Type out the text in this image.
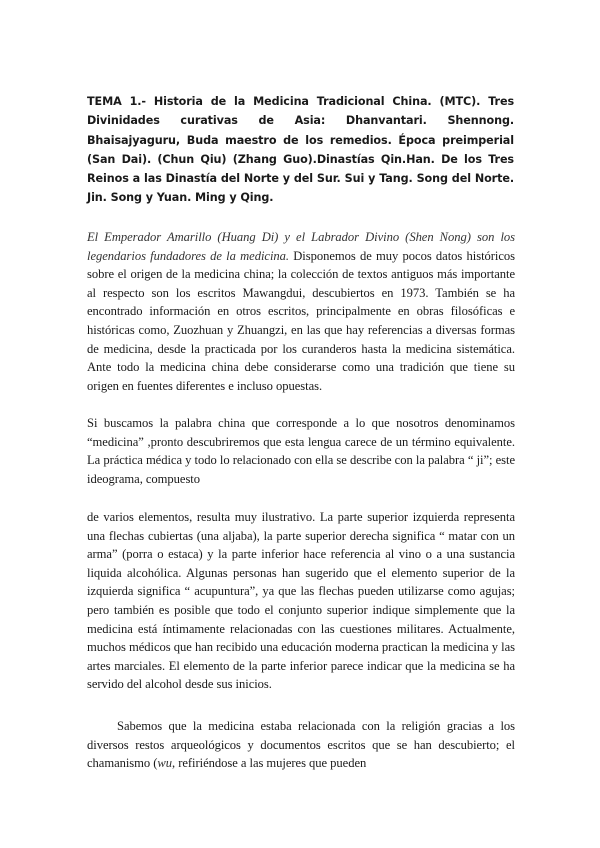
TEMA 1.- Historia de la Medicina Tradicional China. (MTC). Tres Divinidades curativas de Asia: Dhanvantari. Shennong. Bhaisajyaguru, Buda maestro de los remedios. Época preimperial (San Dai). (Chun Qiu) (Zhang Guo).Dinastías Qin.Han. De los Tres Reinos a las Dinastía del Norte y del Sur. Sui y Tang. Song del Norte. Jin. Song y Yuan. Ming y Qing.
El Emperador Amarillo (Huang Di) y el Labrador Divino (Shen Nong) son los legendarios fundadores de la medicina. Disponemos de muy pocos datos históricos sobre el origen de la medicina china; la colección de textos antiguos más importante al respecto son los escritos Mawangdui, descubiertos en 1973. También se ha encontrado información en otros escritos, principalmente en obras filosóficas e históricas como, Zuozhuan y Zhuangzi, en las que hay referencias a diversas formas de medicina, desde la practicada por los curanderos hasta la medicina sistemática. Ante todo la medicina china debe considerarse como una tradición que tiene su origen en fuentes diferentes e incluso opuestas.
Si buscamos la palabra china que corresponde a lo que nosotros denominamos “medicina” ,pronto descubriremos que esta lengua carece de un término equivalente. La práctica médica y todo lo relacionado con ella se describe con la palabra “ ji”; este ideograma, compuesto
de varios elementos, resulta muy ilustrativo. La parte superior izquierda representa una flechas cubiertas (una aljaba), la parte superior derecha significa “ matar con un arma” (porra o estaca) y la parte inferior hace referencia al vino o a una sustancia liquida alcohólica. Algunas personas han sugerido que el elemento superior de la izquierda significa “ acupuntura”, ya que las flechas pueden utilizarse como agujas; pero también es posible que todo el conjunto superior indique simplemente que la medicina está íntimamente relacionadas con las cuestiones militares. Actualmente, muchos médicos que han recibido una educación moderna practican la medicina y las artes marciales. El elemento de la parte inferior parece indicar que la medicina se ha servido del alcohol desde sus inicios.
Sabemos que la medicina estaba relacionada con la religión gracias a los diversos restos arqueológicos y documentos escritos que se han descubierto; el chamanismo (wu, refiriéndose a las mujeres que pueden
